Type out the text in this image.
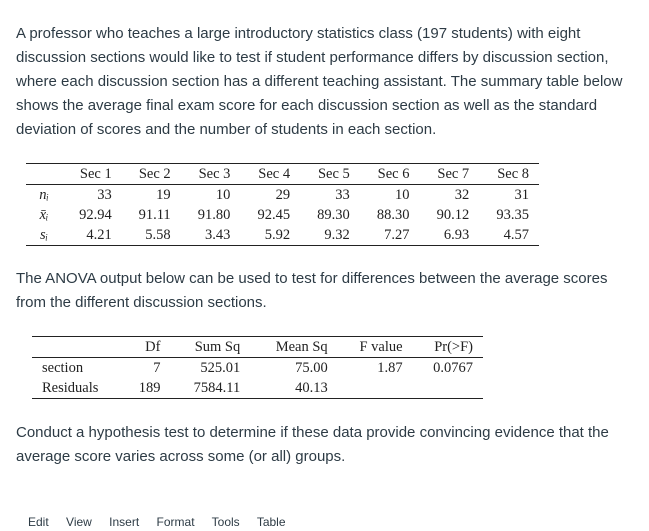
A professor who teaches a large introductory statistics class (197 students) with eight discussion sections would like to test if student performance differs by discussion section, where each discussion section has a different teaching assistant. The summary table below shows the average final exam score for each discussion section as well as the standard deviation of scores and the number of students in each section.

	Sec 1	Sec 2	Sec 3	Sec 4	Sec 5	Sec 6	Sec 7	Sec 8
nᵢ	33	19	10	29	33	10	32	31
x̄ᵢ	92.94	91.11	91.80	92.45	89.30	88.30	90.12	93.35
sᵢ	4.21	5.58	3.43	5.92	9.32	7.27	6.93	4.57

The ANOVA output below can be used to test for differences between the average scores from the different discussion sections.

	Df	Sum Sq	Mean Sq	F value	Pr(>F)
section	7	525.01	75.00	1.87	0.0767
Residuals	189	7584.11	40.13		

Conduct a hypothesis test to determine if these data provide convincing evidence that the average score varies across some (or all) groups.

Edit View Insert Format Tools Table
